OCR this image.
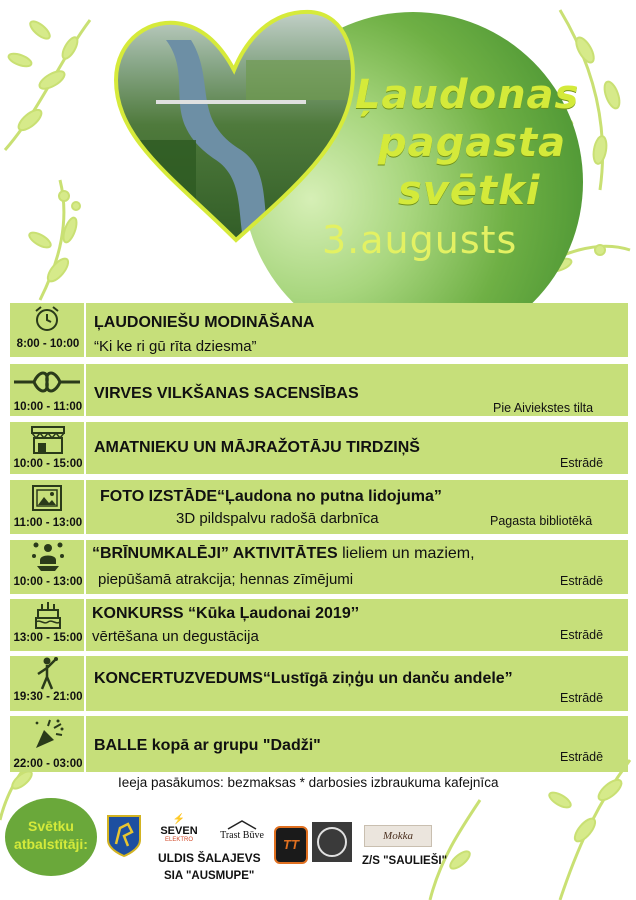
Ļaudonas
pagasta
svētki
3.augusts
8:00 - 10:00
ĻAUDONIEŠU MODINĀŠANA
“Ki ke ri gū rīta dziesma”
10:00 - 11:00
VIRVES VILKŠANAS SACENSĪBAS
Pie Aiviekstes tilta
10:00 - 15:00
AMATNIEKU UN MĀJRAŽOTĀJU TIRDZIŅŠ
Estrādē
11:00 - 13:00
FOTO IZSTĀDE“Ļaudona no putna lidojuma”
3D pildspalvu radošā darbnīca	Pagasta bibliotēkā
10:00 - 13:00
“BRĪNUMKALĒJI” AKTIVITĀTES lieliem un maziem,
piepūšamā atrakcija; hennas zīmējumi	Estrādē
13:00 - 15:00
KONKURSS “Kūka Ļaudonai 2019’’
vērtēšana un degustācija	Estrādē
19:30 - 21:00
KONCERTUZVEDUMS“Lustīgā ziņģu un danču andele”
Estrādē
22:00 - 03:00
BALLE kopā ar grupu "Dadži"
Estrādē
Ieeja pasākumos: bezmaksas * darbosies izbraukuma kafejnīca
Svētku
atbalstītāji:
⚡
SEVEN
ELEKTRO	Trast Būve
TT
Mokka
ULDIS ŠALAJEVS
SIA "AUSMUPE"
Z/S "SAULIEŠI"
